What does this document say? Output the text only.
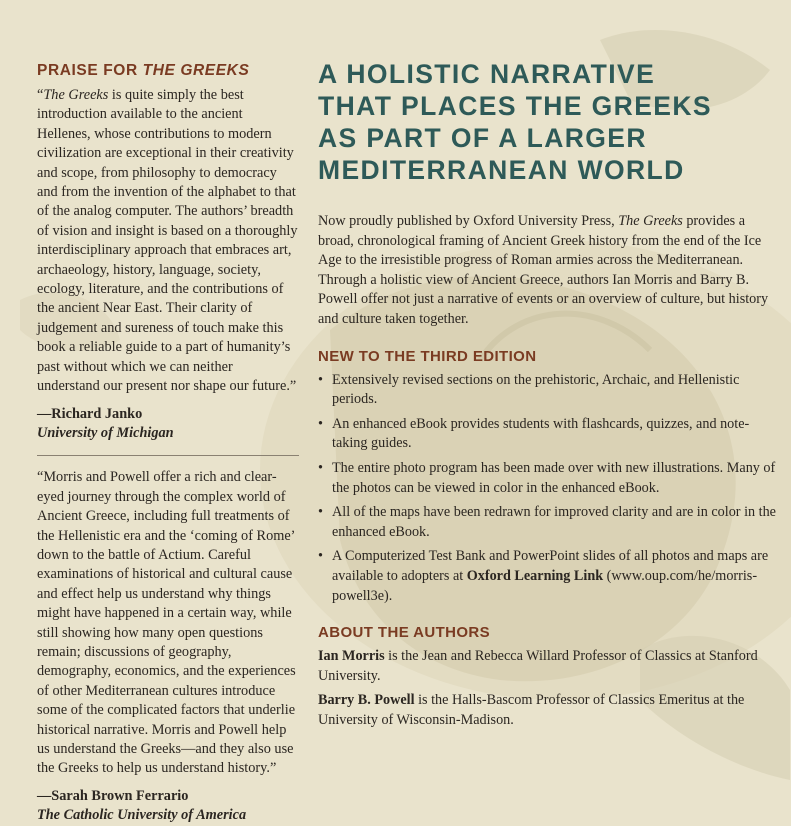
PRAISE FOR THE GREEKS

“The Greeks is quite simply the best introduction available to the ancient Hellenes, whose contributions to modern civilization are exceptional in their creativity and scope, from philosophy to democracy and from the invention of the alphabet to that of the analog computer. The authors’ breadth of vision and insight is based on a thoroughly interdisciplinary approach that embraces art, archaeology, history, language, society, ecology, literature, and the contributions of the ancient Near East. Their clarity of judgement and sureness of touch make this book a reliable guide to a part of humanity’s past without which we can neither understand our present nor shape our future.”

—Richard Janko
University of Michigan

“Morris and Powell offer a rich and clear-eyed journey through the complex world of Ancient Greece, including full treatments of the Hellenistic era and the ‘coming of Rome’ down to the battle of Actium. Careful examinations of historical and cultural cause and effect help us understand why things might have happened in a certain way, while still showing how many open questions remain; discussions of geography, demography, economics, and the experiences of other Mediterranean cultures introduce some of the complicated factors that underlie historical narrative. Morris and Powell help us understand the Greeks—and they also use the Greeks to help us understand history.”

—Sarah Brown Ferrario
The Catholic University of America
A HOLISTIC NARRATIVE
THAT PLACES THE GREEKS
AS PART OF A LARGER
MEDITERRANEAN WORLD

Now proudly published by Oxford University Press, The Greeks provides a broad, chronological framing of Ancient Greek history from the end of the Ice Age to the irresistible progress of Roman armies across the Mediterranean. Through a holistic view of Ancient Greece, authors Ian Morris and Barry B. Powell offer not just a narrative of events or an overview of culture, but history and culture taken together.

NEW TO THE THIRD EDITION
• Extensively revised sections on the prehistoric, Archaic, and Hellenistic periods.
• An enhanced eBook provides students with flashcards, quizzes, and note-taking guides.
• The entire photo program has been made over with new illustrations. Many of the photos can be viewed in color in the enhanced eBook.
• All of the maps have been redrawn for improved clarity and are in color in the enhanced eBook.
• A Computerized Test Bank and PowerPoint slides of all photos and maps are available to adopters at Oxford Learning Link (www.oup.com/he/morris-powell3e).
ABOUT THE AUTHORS

Ian Morris is the Jean and Rebecca Willard Professor of Classics at Stanford University.

Barry B. Powell is the Halls-Bascom Professor of Classics Emeritus at the University of Wisconsin-Madison.
